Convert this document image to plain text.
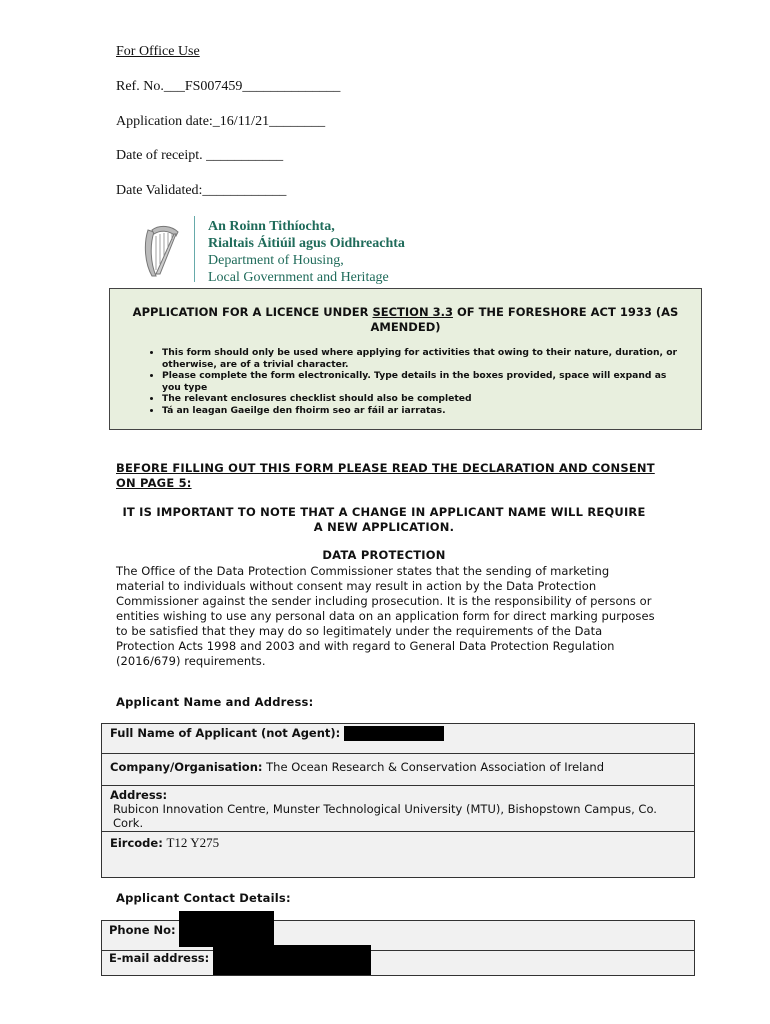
For Office Use
Ref. No.___FS007459______________
Application date:_16/11/21________
Date of receipt. ___________
Date Validated:____________
An Roinn Tithíochta,
Rialtais Áitiúil agus Oidhreachta
Department of Housing,
Local Government and Heritage
APPLICATION FOR A LICENCE UNDER SECTION 3.3 OF THE FORESHORE ACT 1933 (AS AMENDED)
• This form should only be used where applying for activities that owing to their nature, duration, or otherwise, are of a trivial character.
• Please complete the form electronically. Type details in the boxes provided, space will expand as you type
• The relevant enclosures checklist should also be completed
• Tá an leagan Gaeilge den fhoirm seo ar fáil ar iarratas.
BEFORE FILLING OUT THIS FORM PLEASE READ THE DECLARATION AND CONSENT ON PAGE 5:
IT IS IMPORTANT TO NOTE THAT A CHANGE IN APPLICANT NAME WILL REQUIRE A NEW APPLICATION.
DATA PROTECTION
The Office of the Data Protection Commissioner states that the sending of marketing material to individuals without consent may result in action by the Data Protection Commissioner against the sender including prosecution. It is the responsibility of persons or entities wishing to use any personal data on an application form for direct marking purposes to be satisfied that they may do so legitimately under the requirements of the Data Protection Acts 1998 and 2003 and with regard to General Data Protection Regulation (2016/679) requirements.
Applicant Name and Address:
Full Name of Applicant (not Agent):
Company/Organisation: The Ocean Research & Conservation Association of Ireland

Address:
Rubicon Innovation Centre, Munster Technological University (MTU), Bishopstown Campus, Co. Cork.

Eircode: T12 Y275
Applicant Contact Details:
Phone No:
E-mail address:
